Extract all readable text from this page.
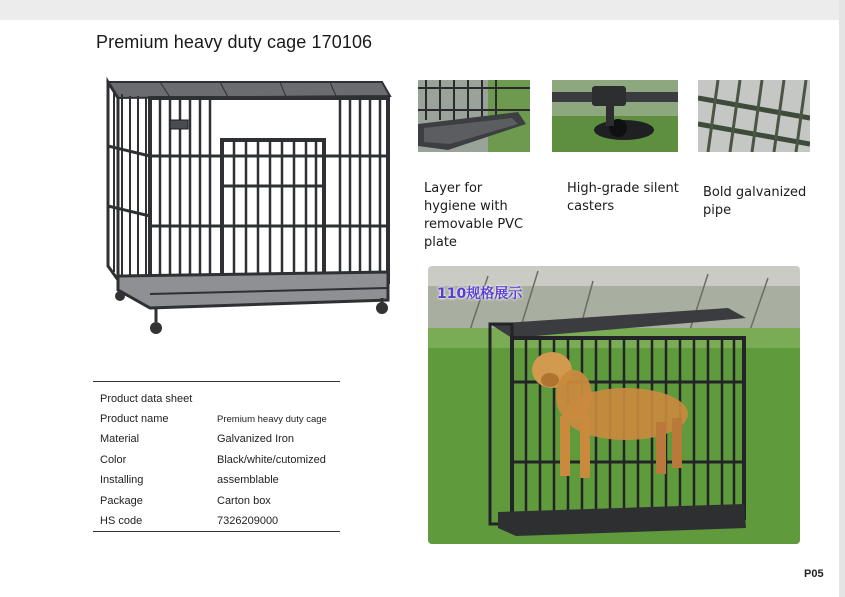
Premium heavy duty cage 170106
Layer for hygiene with removable PVC plate
High-grade silent casters
Bold galvanized pipe
110规格展示
Product data sheet
Product name	Premium heavy duty cage
Material	Galvanized Iron
Color	Black/white/cutomized
Installing	assemblable
Package	Carton box
HS code	7326209000
P05
